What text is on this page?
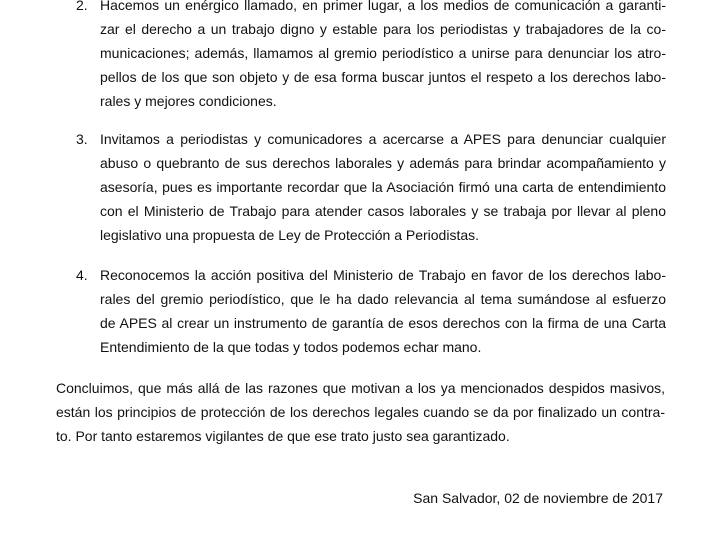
2. Hacemos un enérgico llamado, en primer lugar, a los medios de comunicación a garanti-
zar el derecho a un trabajo digno y estable para los periodistas y trabajadores de la co-
municaciones; además, llamamos al gremio periodístico a unirse para denunciar los atro-
pellos de los que son objeto y de esa forma buscar juntos el respeto a los derechos labo-
rales y mejores condiciones.
3. Invitamos a periodistas y comunicadores a acercarse a APES para denunciar cualquier
abuso o quebranto de sus derechos laborales y además para brindar acompañamiento y
asesoría, pues es importante recordar que la Asociación firmó una carta de entendimiento
con el Ministerio de Trabajo para atender casos laborales y se trabaja por llevar al pleno
legislativo una propuesta de Ley de Protección a Periodistas.
4. Reconocemos la acción positiva del Ministerio de Trabajo en favor de los derechos labo-
rales del gremio periodístico, que le ha dado relevancia al tema sumándose al esfuerzo
de APES al crear un instrumento de garantía de esos derechos con la firma de una Carta
Entendimiento de la que todas y todos podemos echar mano.
Concluimos, que más allá de las razones que motivan a los ya mencionados despidos masivos,
están los principios de protección de los derechos legales cuando se da por finalizado un contra-
to. Por tanto estaremos vigilantes de que ese trato justo sea garantizado.
San Salvador, 02 de noviembre de 2017
